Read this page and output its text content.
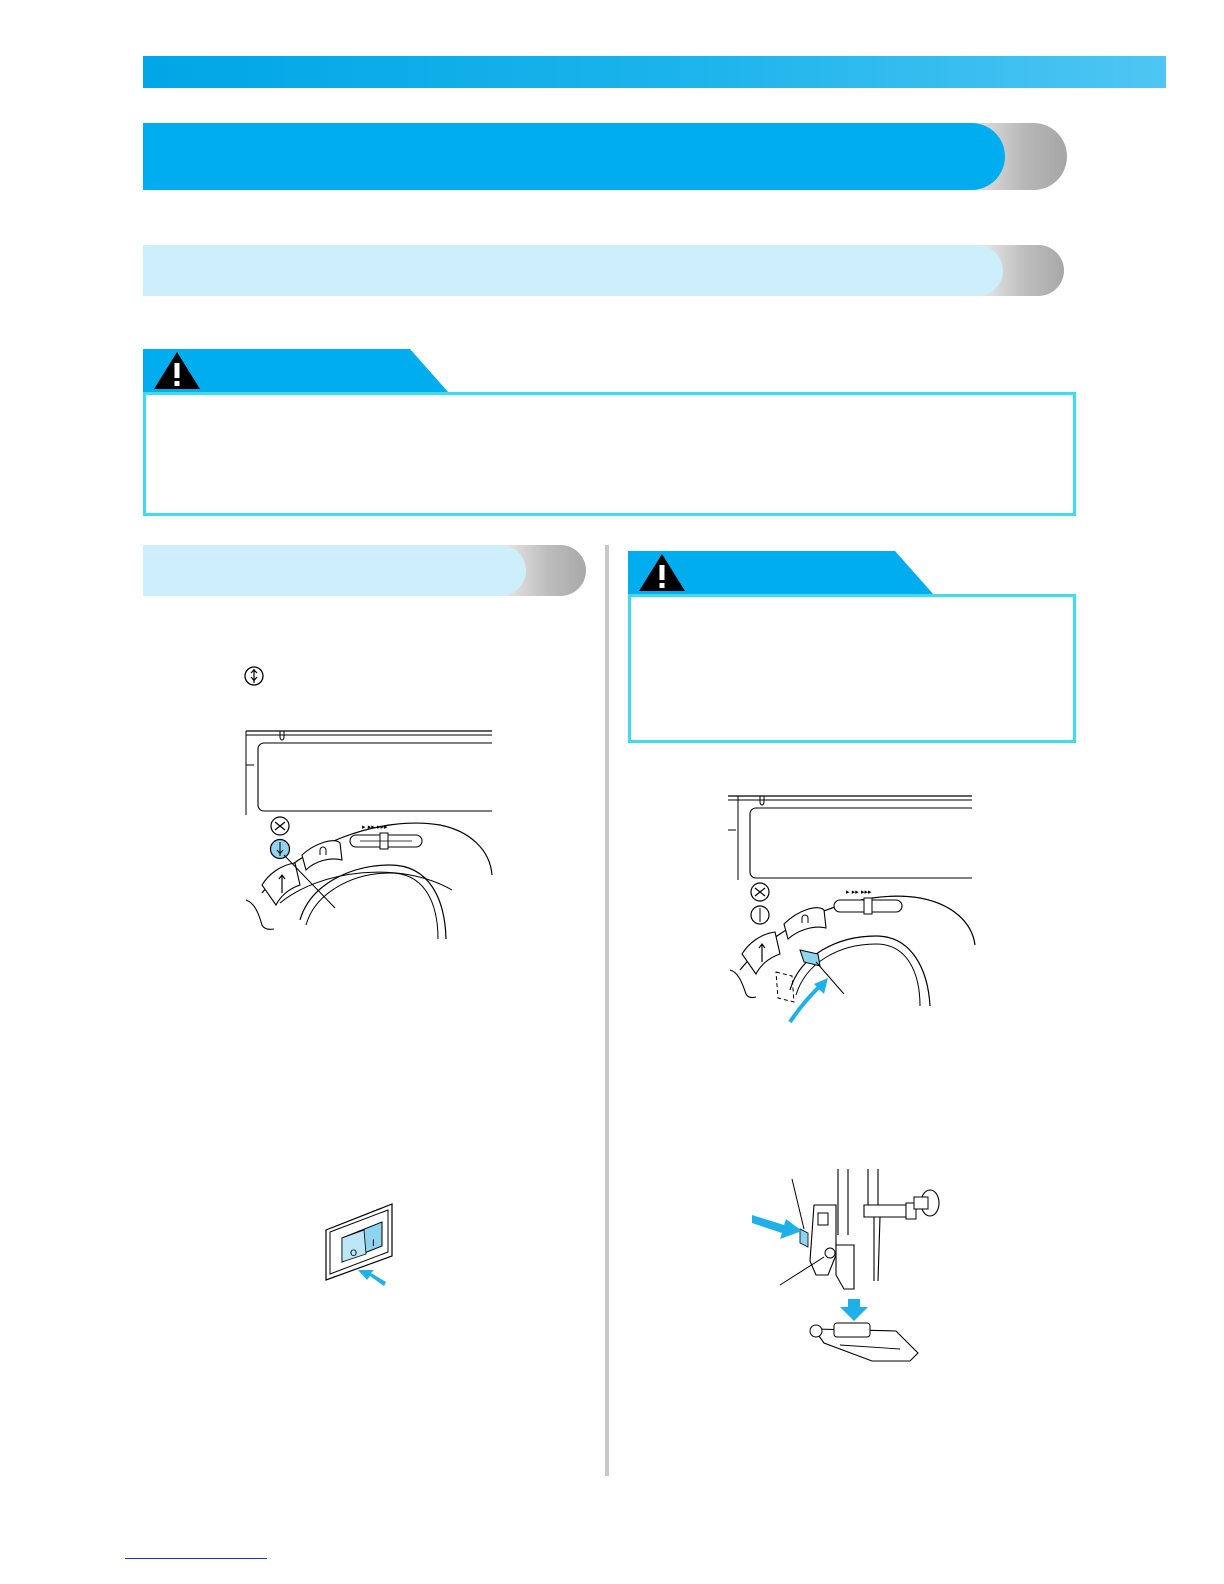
▸ ▸▸ ▸▸▸
O
I
▸ ▸▸ ▸▸▸
